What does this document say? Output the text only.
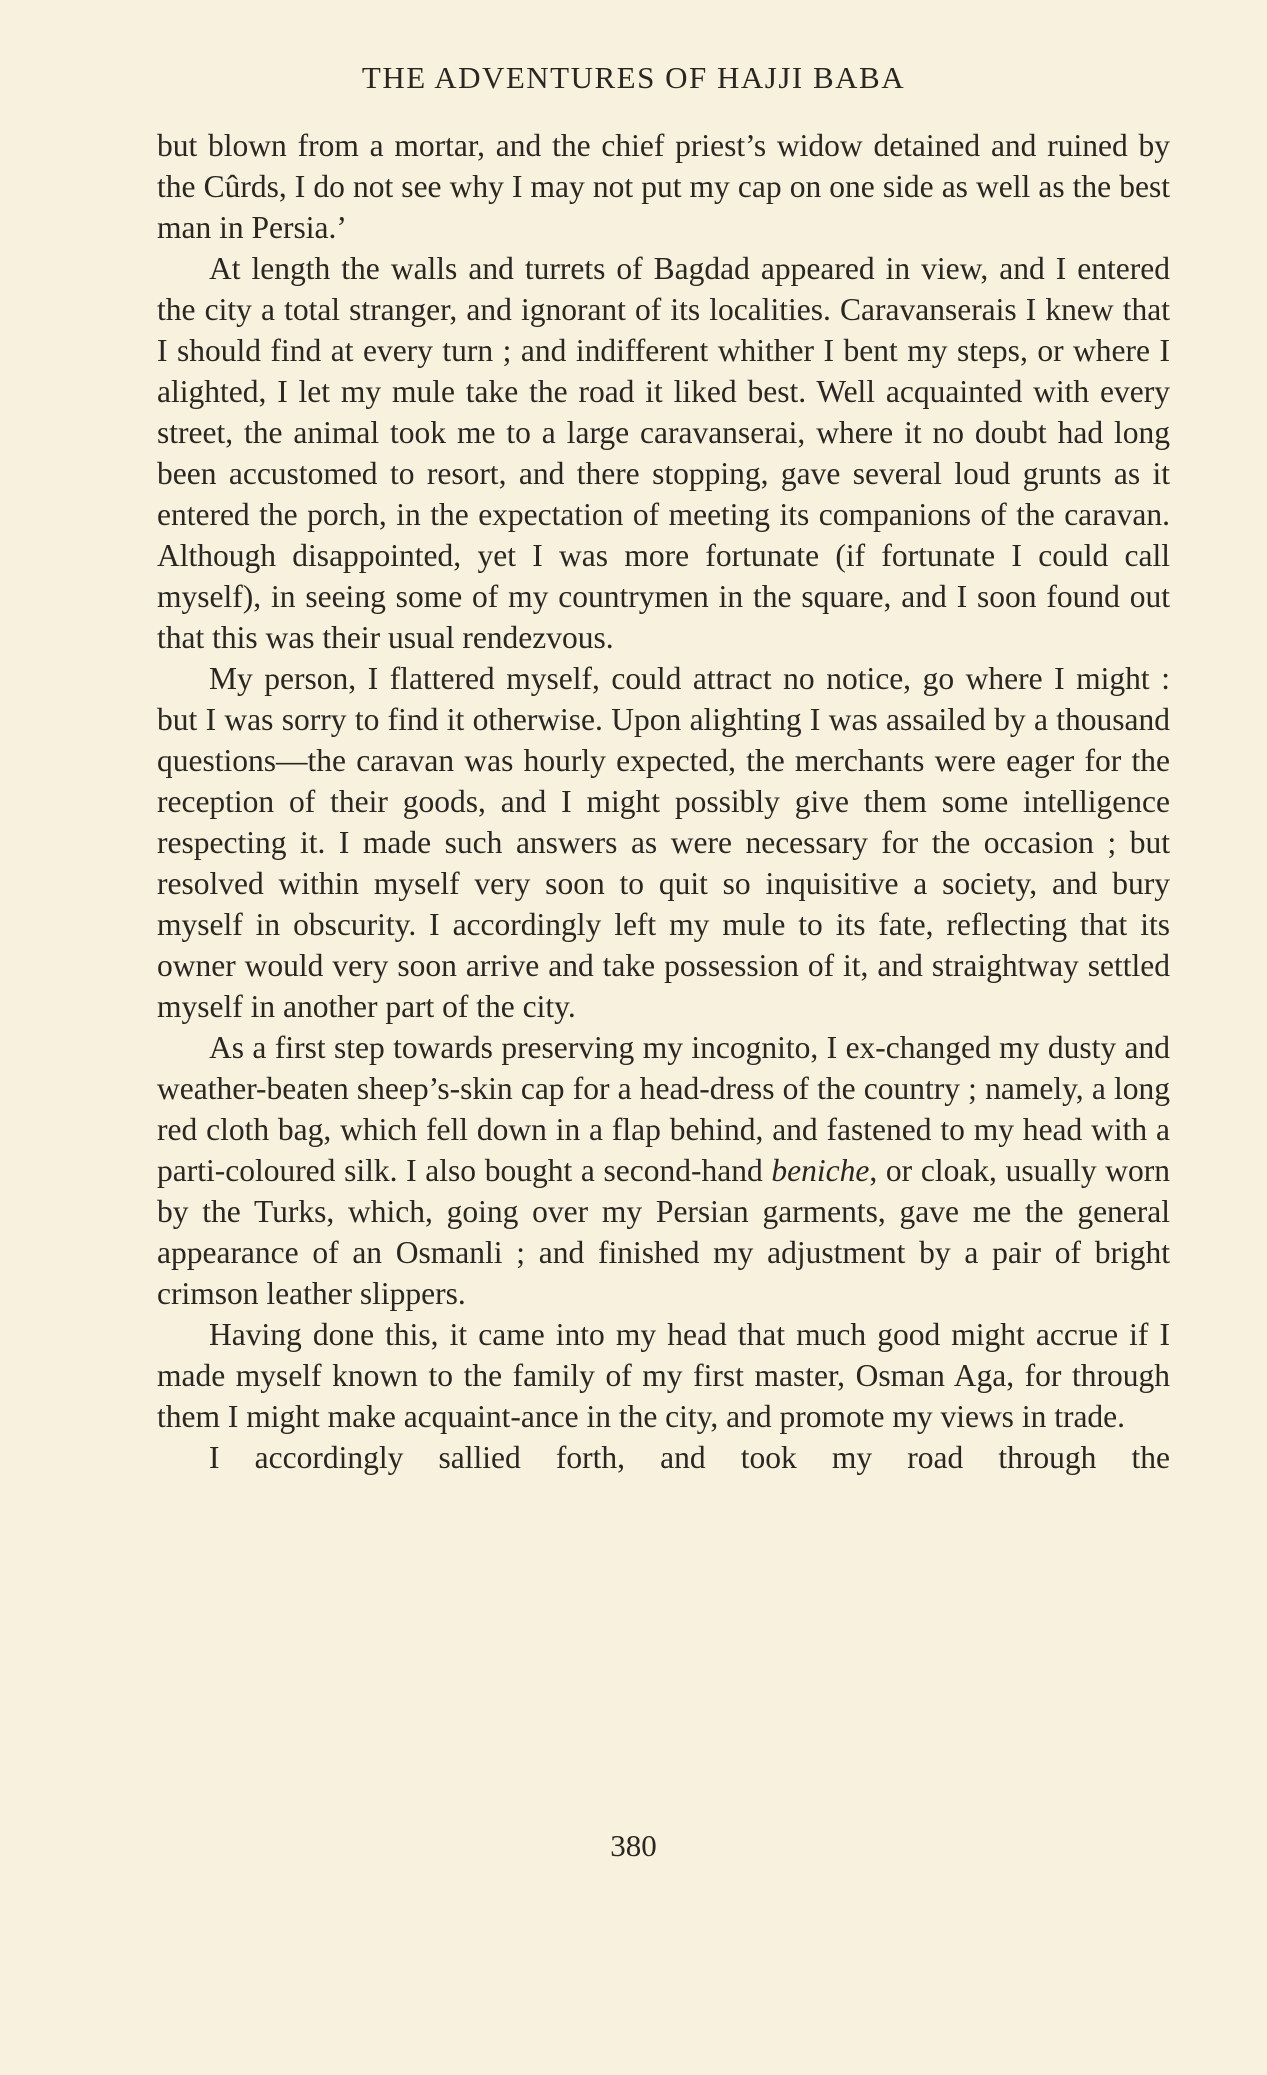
THE ADVENTURES OF HAJJI BABA

but blown from a mortar, and the chief priest’s widow detained and ruined by the Cûrds, I do not see why I may not put my cap on one side as well as the best man in Persia.’

At length the walls and turrets of Bagdad appeared in view, and I entered the city a total stranger, and ignorant of its localities. Caravanserais I knew that I should find at every turn ; and indifferent whither I bent my steps, or where I alighted, I let my mule take the road it liked best. Well acquainted with every street, the animal took me to a large caravanserai, where it no doubt had long been accustomed to resort, and there stopping, gave several loud grunts as it entered the porch, in the expectation of meeting its companions of the caravan. Although disappointed, yet I was more fortunate (if fortunate I could call myself), in seeing some of my countrymen in the square, and I soon found out that this was their usual rendezvous.

My person, I flattered myself, could attract no notice, go where I might : but I was sorry to find it otherwise. Upon alighting I was assailed by a thousand questions—the caravan was hourly expected, the merchants were eager for the reception of their goods, and I might possibly give them some intelligence respecting it. I made such answers as were necessary for the occasion ; but resolved within myself very soon to quit so inquisitive a society, and bury myself in obscurity. I accordingly left my mule to its fate, reflecting that its owner would very soon arrive and take possession of it, and straightway settled myself in another part of the city.

As a first step towards preserving my incognito, I ex-changed my dusty and weather-beaten sheep’s-skin cap for a head-dress of the country ; namely, a long red cloth bag, which fell down in a flap behind, and fastened to my head with a parti-coloured silk. I also bought a second-hand beniche, or cloak, usually worn by the Turks, which, going over my Persian garments, gave me the general appearance of an Osmanli ; and finished my adjustment by a pair of bright crimson leather slippers.

Having done this, it came into my head that much good might accrue if I made myself known to the family of my first master, Osman Aga, for through them I might make acquaint-ance in the city, and promote my views in trade.

I accordingly sallied forth, and took my road through the

380
